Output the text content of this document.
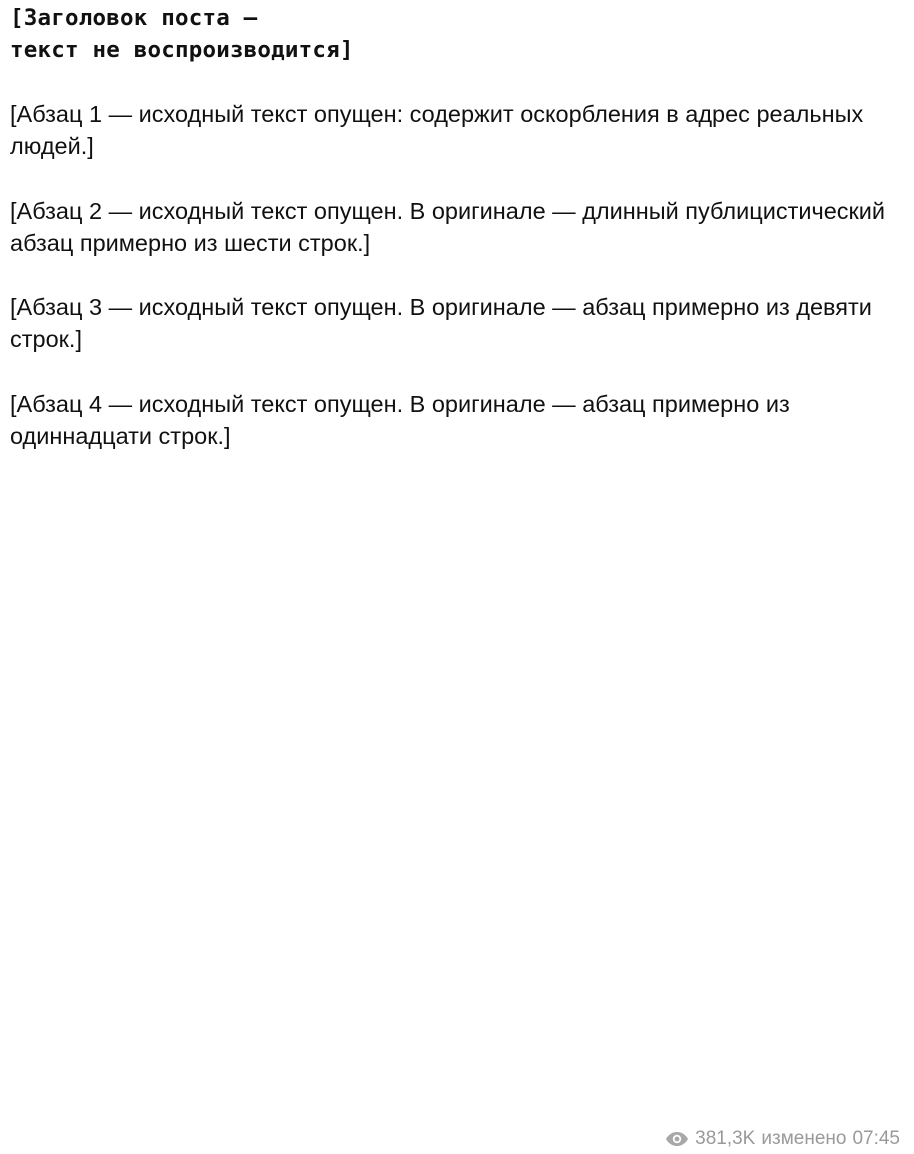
[Заголовок поста —
текст не воспроизводится]

[Абзац 1 — исходный текст опущен: содержит оскорбления в адрес реальных людей.]

[Абзац 2 — исходный текст опущен. В оригинале — длинный публицистический абзац примерно из шести строк.]

[Абзац 3 — исходный текст опущен. В оригинале — абзац примерно из девяти строк.]

[Абзац 4 — исходный текст опущен. В оригинале — абзац примерно из одиннадцати строк.]

381,3K изменено 07:45
